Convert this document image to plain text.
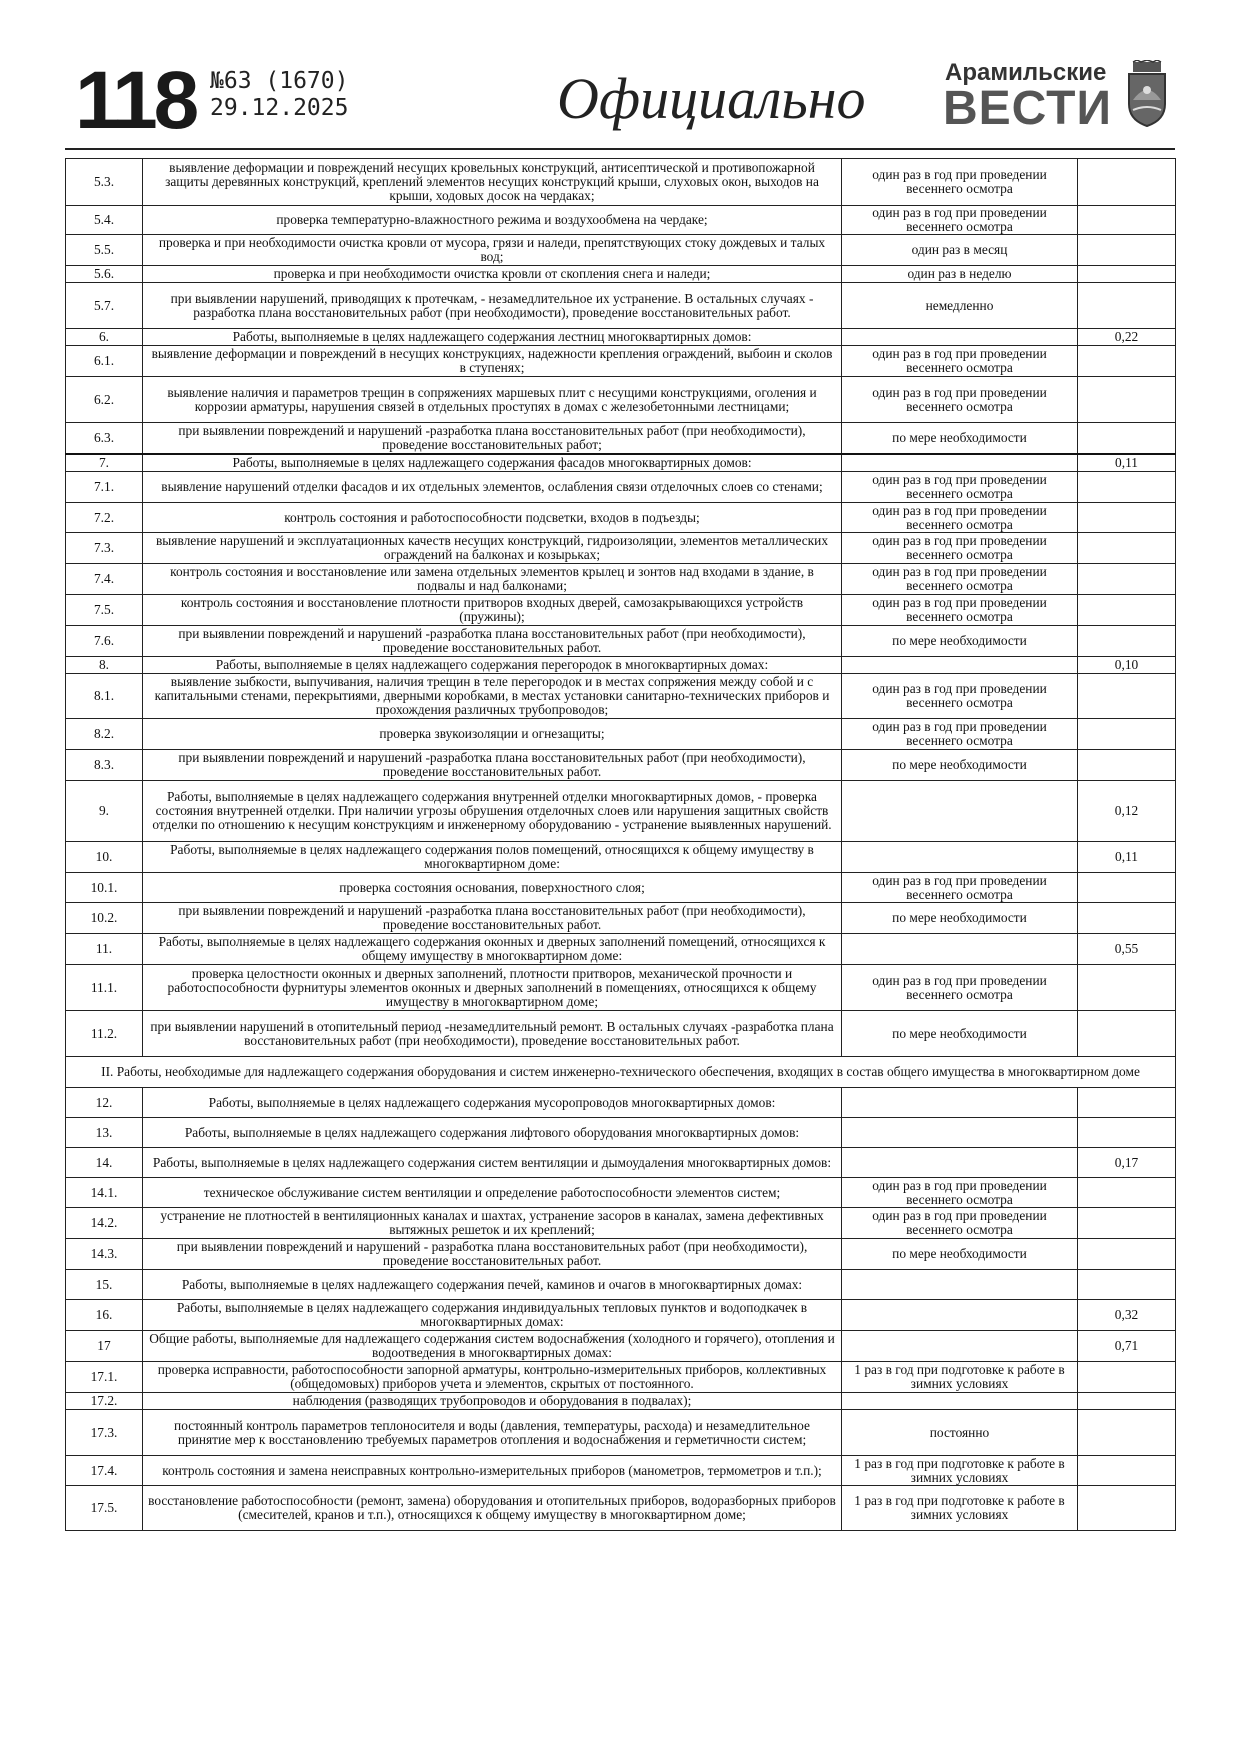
118 №63 (1670)
29.12.2025	Официально	Арамильские
ВЕСТИ
5.3.	выявление деформации и повреждений несущих кровельных конструкций, антисептической и противопожарной защиты деревянных конструкций, креплений элементов несущих конструкций крыши, слуховых окон, выходов на крыши, ходовых досок на чердаках;	один раз в год при проведении весеннего осмотра	
5.4.	проверка температурно-влажностного режима и воздухообмена на чердаке;	один раз в год при проведении весеннего осмотра	
5.5.	проверка и при необходимости очистка кровли от мусора, грязи и наледи, препятствующих стоку дождевых и талых вод;	один раз в месяц	
5.6.	проверка и при необходимости очистка кровли от скопления снега и наледи;	один раз в неделю	
5.7.	при выявлении нарушений, приводящих к протечкам, - незамедлительное их устранение. В остальных случаях - разработка плана восстановительных работ (при необходимости), проведение восстановительных работ.	немедленно	
6.	Работы, выполняемые в целях надлежащего содержания лестниц многоквартирных домов:		0,22
6.1.	выявление деформации и повреждений в несущих конструкциях, надежности крепления ограждений, выбоин и сколов в ступенях;	один раз в год при проведении весеннего осмотра	
6.2.	выявление наличия и параметров трещин в сопряжениях маршевых плит с несущими конструкциями, оголения и коррозии арматуры, нарушения связей в отдельных проступях в домах с железобетонными лестницами;	один раз в год при проведении весеннего осмотра	
6.3.	при выявлении повреждений и нарушений -разработка плана восстановительных работ (при необходимости), проведение восстановительных работ;	по мере необходимости	
7.	Работы, выполняемые в целях надлежащего содержания фасадов многоквартирных домов:		0,11
7.1.	выявление нарушений отделки фасадов и их отдельных элементов, ослабления связи отделочных слоев со стенами;	один раз в год при проведении весеннего осмотра	
7.2.	контроль состояния и работоспособности подсветки, входов в подъезды;	один раз в год при проведении весеннего осмотра	
7.3.	выявление нарушений и эксплуатационных качеств несущих конструкций, гидроизоляции, элементов металлических ограждений на балконах и козырьках;	один раз в год при проведении весеннего осмотра	
7.4.	контроль состояния и восстановление или замена отдельных элементов крылец и зонтов над входами в здание, в подвалы и над балконами;	один раз в год при проведении весеннего осмотра	
7.5.	контроль состояния и восстановление плотности притворов входных дверей, самозакрывающихся устройств (пружины);	один раз в год при проведении весеннего осмотра	
7.6.	при выявлении повреждений и нарушений -разработка плана восстановительных работ (при необходимости), проведение восстановительных работ.	по мере необходимости	
8.	Работы, выполняемые в целях надлежащего содержания перегородок в многоквартирных домах:		0,10
8.1.	выявление зыбкости, выпучивания, наличия трещин в теле перегородок и в местах сопряжения между собой и с капитальными стенами, перекрытиями, дверными коробками, в местах установки санитарно-технических приборов и прохождения различных трубопроводов;	один раз в год при проведении весеннего осмотра	
8.2.	проверка звукоизоляции и огнезащиты;	один раз в год при проведении весеннего осмотра	
8.3.	при выявлении повреждений и нарушений -разработка плана восстановительных работ (при необходимости), проведение восстановительных работ.	по мере необходимости	
9.	Работы, выполняемые в целях надлежащего содержания внутренней отделки многоквартирных домов, - проверка состояния внутренней отделки. При наличии угрозы обрушения отделочных слоев или нарушения защитных свойств отделки по отношению к несущим конструкциям и инженерному оборудованию - устранение выявленных нарушений.		0,12
10.	Работы, выполняемые в целях надлежащего содержания полов помещений, относящихся к общему имуществу в многоквартирном доме:		0,11
10.1.	проверка состояния основания, поверхностного слоя;	один раз в год при проведении весеннего осмотра	
10.2.	при выявлении повреждений и нарушений -разработка плана восстановительных работ (при необходимости), проведение восстановительных работ.	по мере необходимости	
11.	Работы, выполняемые в целях надлежащего содержания оконных и дверных заполнений помещений, относящихся к общему имуществу в многоквартирном доме:		0,55
11.1.	проверка целостности оконных и дверных заполнений, плотности притворов, механической прочности и работоспособности фурнитуры элементов оконных и дверных заполнений в помещениях, относящихся к общему имуществу в многоквартирном доме;	один раз в год при проведении весеннего осмотра	
11.2.	при выявлении нарушений в отопительный период -незамедлительный ремонт. В остальных случаях -разработка плана восстановительных работ (при необходимости), проведение восстановительных работ.	по мере необходимости	
II. Работы, необходимые для надлежащего содержания оборудования и систем инженерно-технического обеспечения, входящих в состав общего имущества в многоквартирном доме			
12.	Работы, выполняемые в целях надлежащего содержания мусоропроводов многоквартирных домов:		
13.	Работы, выполняемые в целях надлежащего содержания лифтового оборудования многоквартирных домов:		
14.	Работы, выполняемые в целях надлежащего содержания систем вентиляции и дымоудаления многоквартирных домов:		0,17
14.1.	техническое обслуживание систем вентиляции и определение работоспособности элементов систем;	один раз в год при проведении весеннего осмотра	
14.2.	устранение не плотностей в вентиляционных каналах и шахтах, устранение засоров в каналах, замена дефективных вытяжных решеток и их креплений;	один раз в год при проведении весеннего осмотра	
14.3.	при выявлении повреждений и нарушений - разработка плана восстановительных работ (при необходимости), проведение восстановительных работ.	по мере необходимости	
15.	Работы, выполняемые в целях надлежащего содержания печей, каминов и очагов в многоквартирных домах:		
16.	Работы, выполняемые в целях надлежащего содержания индивидуальных тепловых пунктов и водоподкачек в многоквартирных домах:		0,32
17	Общие работы, выполняемые для надлежащего содержания систем водоснабжения (холодного и горячего), отопления и водоотведения в многоквартирных домах:		0,71
17.1.	проверка исправности, работоспособности запорной арматуры, контрольно-измерительных приборов, коллективных (общедомовых) приборов учета и элементов, скрытых от постоянного.	1 раз в год при подготовке к работе в зимних условиях	
17.2.	наблюдения (разводящих трубопроводов и оборудования в подвалах);		
17.3.	постоянный контроль параметров теплоносителя и воды (давления, температуры, расхода) и незамедлительное принятие мер к восстановлению требуемых параметров отопления и водоснабжения и герметичности систем;	постоянно	
17.4.	контроль состояния и замена неисправных контрольно-измерительных приборов (манометров, термометров и т.п.);	1 раз в год при подготовке к работе в зимних условиях	
17.5.	восстановление работоспособности (ремонт, замена) оборудования и отопительных приборов, водоразборных приборов (смесителей, кранов и т.п.), относящихся к общему имуществу в многоквартирном доме;	1 раз в год при подготовке к работе в зимних условиях	
